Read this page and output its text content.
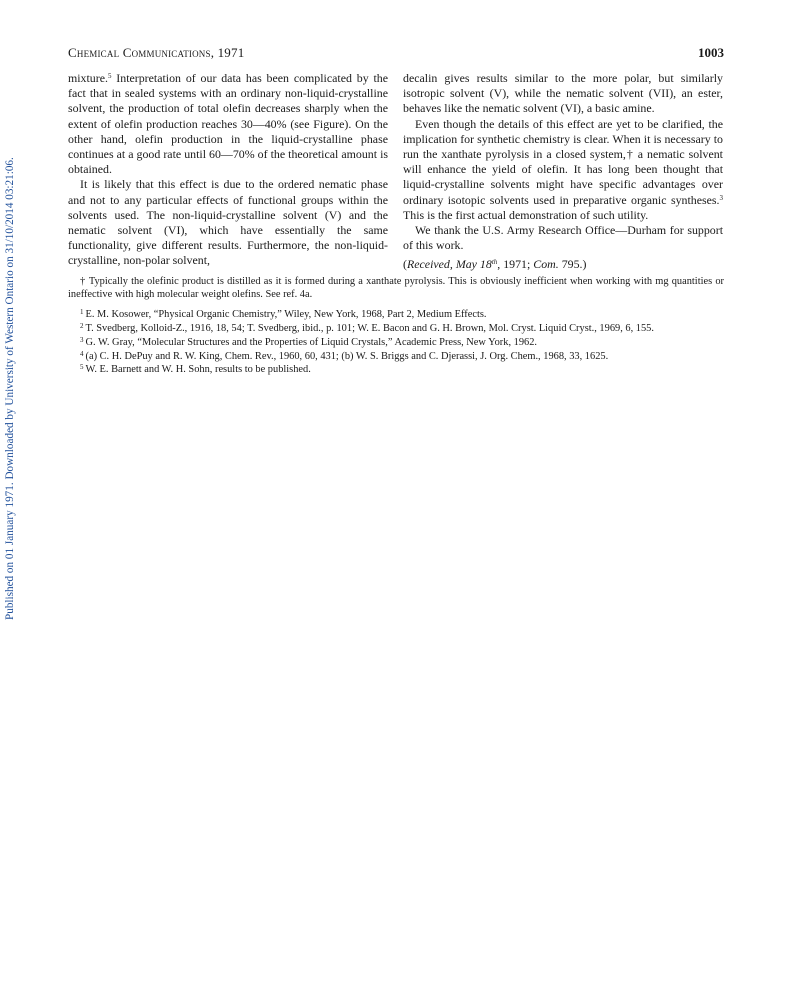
Published on 01 January 1971. Downloaded by University of Western Ontario on 31/10/2014 03:21:06.
Chemical Communications, 1971	1003

mixture.$^5$ Interpretation of our data has been complicated by the fact that in sealed systems with an ordinary non-liquid-crystalline solvent, the production of total olefin decreases sharply when the extent of olefin production reaches 30—40% (see Figure). On the other hand, olefin production in the liquid-crystalline phase continues at a good rate until 60—70% of the theoretical amount is obtained.

It is likely that this effect is due to the ordered nematic phase and not to any particular effects of functional groups within the solvents used. The non-liquid-crystalline solvent (V) and the nematic solvent (VI), which have essentially the same functionality, give different results. Furthermore, the non-liquid-crystalline, non-polar solvent,

decalin gives results similar to the more polar, but similarly isotropic solvent (V), while the nematic solvent (VII), an ester, behaves like the nematic solvent (VI), a basic amine.

Even though the details of this effect are yet to be clarified, the implication for synthetic chemistry is clear. When it is necessary to run the xanthate pyrolysis in a closed system,† a nematic solvent will enhance the yield of olefin. It has long been thought that liquid-crystalline solvents might have specific advantages over ordinary isotopic solvents used in preparative organic syntheses.$^3$ This is the first actual demonstration of such utility.

We thank the U.S. Army Research Office—Durham for support of this work.

(Received, May 18th, 1971; Com. 795.)

† Typically the olefinic product is distilled as it is formed during a xanthate pyrolysis. This is obviously inefficient when working with mg quantities or ineffective with high molecular weight olefins. See ref. 4a.

$^1$ E. M. Kosower, “Physical Organic Chemistry,” Wiley, New York, 1968, Part 2, Medium Effects.
$^2$ T. Svedberg, Kolloid-Z., 1916, 18, 54; T. Svedberg, ibid., p. 101; W. E. Bacon and G. H. Brown, Mol. Cryst. Liquid Cryst., 1969, 6, 155.
$^3$ G. W. Gray, “Molecular Structures and the Properties of Liquid Crystals,” Academic Press, New York, 1962.
$^4$ (a) C. H. DePuy and R. W. King, Chem. Rev., 1960, 60, 431; (b) W. S. Briggs and C. Djerassi, J. Org. Chem., 1968, 33, 1625.
$^5$ W. E. Barnett and W. H. Sohn, results to be published.
